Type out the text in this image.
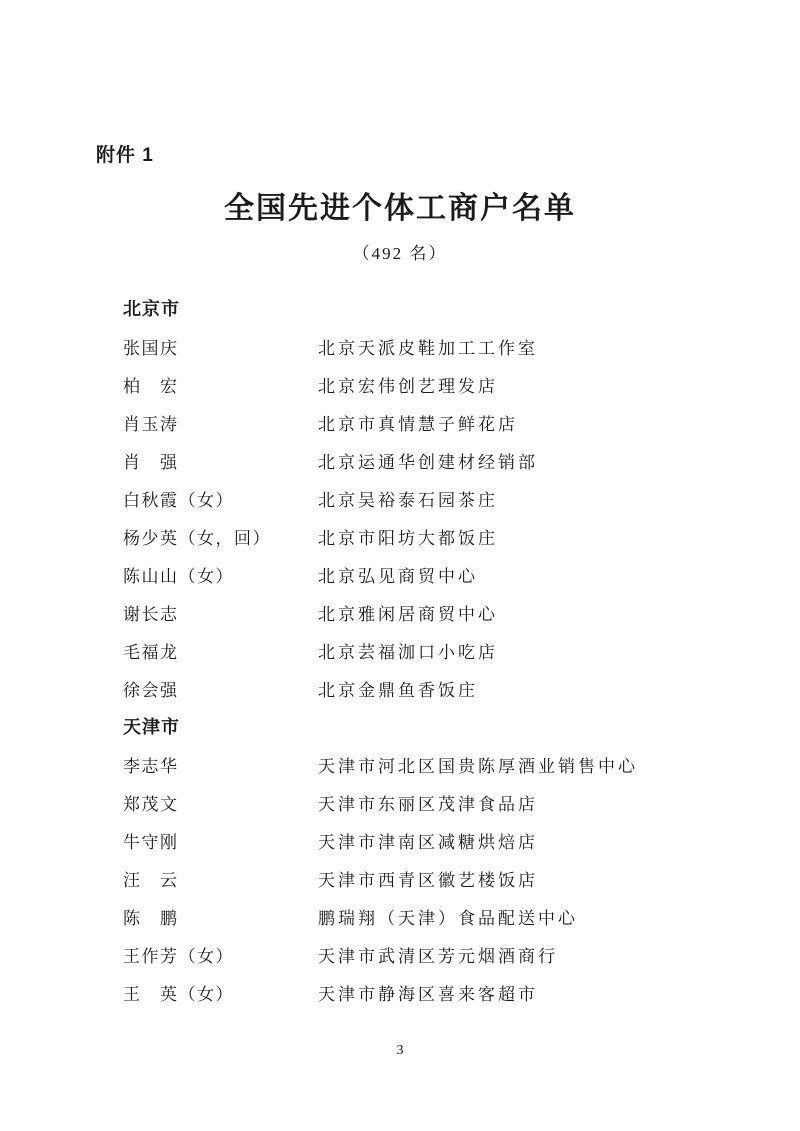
附件 1
全国先进个体工商户名单
（492 名）
北京市
张国庆	北京天派皮鞋加工工作室
柏　宏	北京宏伟创艺理发店
肖玉涛	北京市真情慧子鲜花店
肖　强	北京运通华创建材经销部
白秋霞（女）	北京吴裕泰石园茶庄
杨少英（女，回）	北京市阳坊大都饭庄
陈山山（女）	北京弘见商贸中心
谢长志	北京雅闲居商贸中心
毛福龙	北京芸福泇口小吃店
徐会强	北京金鼎鱼香饭庄
天津市
李志华	天津市河北区国贵陈厚酒业销售中心
郑茂文	天津市东丽区茂津食品店
牛守刚	天津市津南区减糖烘焙店
汪　云	天津市西青区徽艺楼饭店
陈　鹏	鹏瑞翔（天津）食品配送中心
王作芳（女）	天津市武清区芳元烟酒商行
王　英（女）	天津市静海区喜来客超市
3
